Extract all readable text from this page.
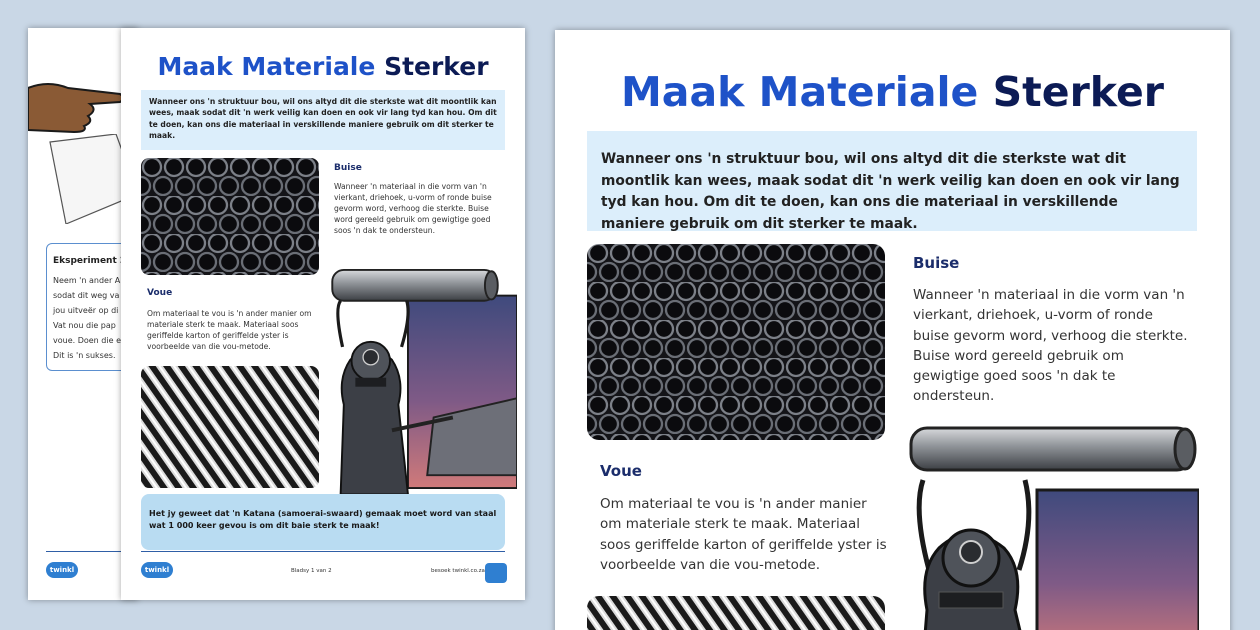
Eksperiment
Neem 'n ander A
sodat dit weg va
jou uitveër op di
Vat nou die pap
voue. Doen die e
Dit is 'n sukses.
twinkl
Maak Materiale Sterker
Wanneer ons 'n struktuur bou, wil ons altyd dit die sterkste wat dit moontlik kan wees, maak sodat dit 'n werk veilig kan doen en ook vir lang tyd kan hou. Om dit te doen, kan ons die materiaal in verskillende maniere gebruik om dit sterker te maak.
Buise
Wanneer 'n materiaal in die vorm van 'n vierkant, driehoek, u-vorm of ronde buise gevorm word, verhoog die sterkte. Buise word gereeld gebruik om gewigtige goed soos 'n dak te ondersteun.
Voue
Om materiaal te vou is 'n ander manier om materiale sterk te maak. Materiaal soos geriffelde karton of geriffelde yster is voorbeelde van die vou-metode.
Het jy geweet dat 'n Katana (samoerai-swaard) gemaak moet word van staal wat 1 000 keer gevou is om dit baie sterk te maak!
twinkl	Bladsy 1 van 2	besoek twinkl.co.za
Maak Materiale Sterker
Wanneer ons 'n struktuur bou, wil ons altyd dit die sterkste wat dit moontlik kan wees, maak sodat dit 'n werk veilig kan doen en ook vir lang tyd kan hou. Om dit te doen, kan ons die materiaal in verskillende maniere gebruik om dit sterker te maak.
Buise
Wanneer 'n materiaal in die vorm van 'n vierkant, driehoek, u-vorm of ronde buise gevorm word, verhoog die sterkte. Buise word gereeld gebruik om gewigtige goed soos 'n dak te ondersteun.
Voue
Om materiaal te vou is 'n ander manier om materiale sterk te maak. Materiaal soos geriffelde karton of geriffelde yster is voorbeelde van die vou-metode.
